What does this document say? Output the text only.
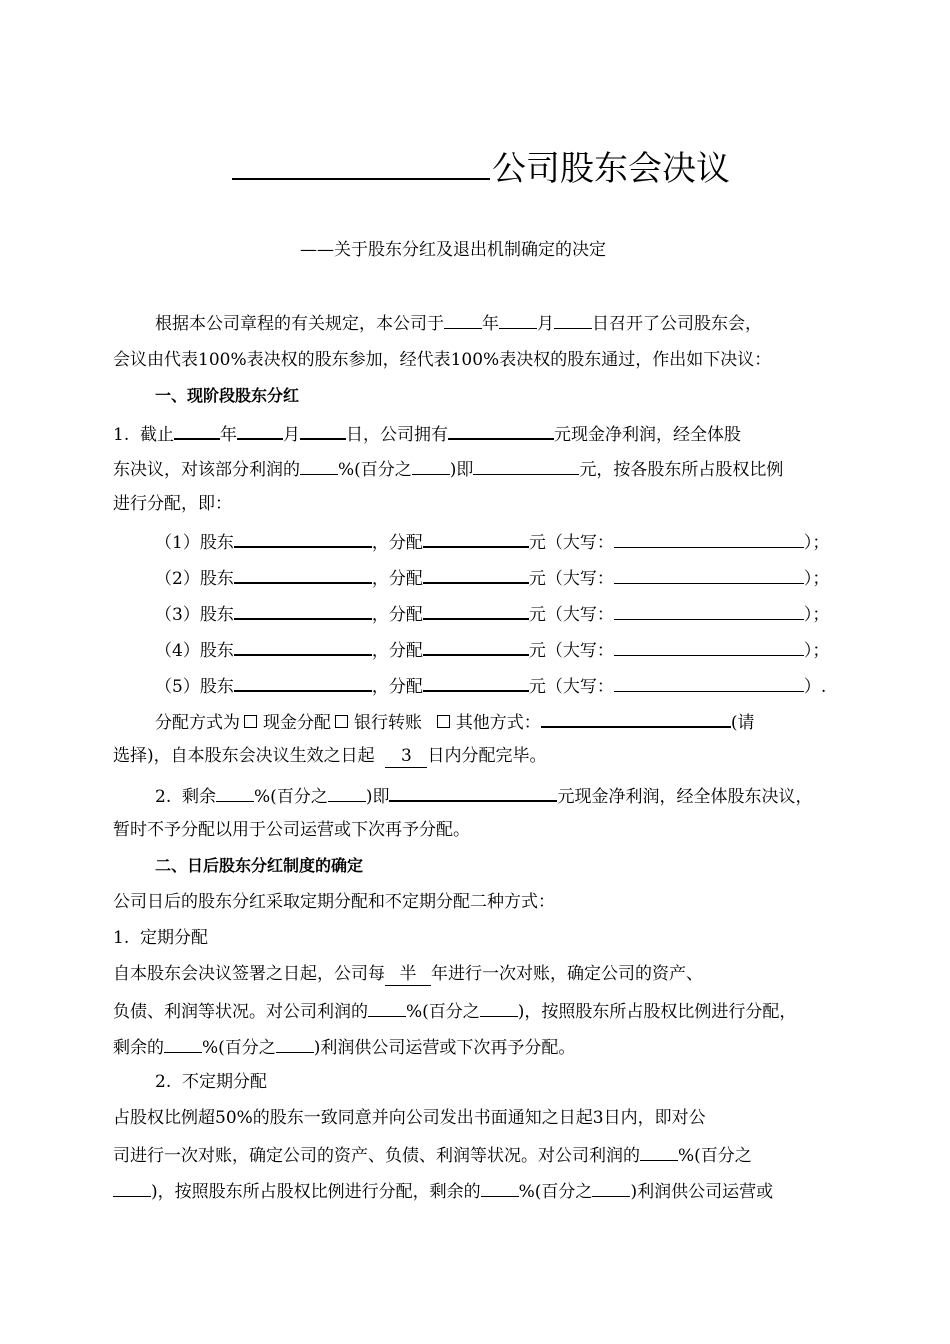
公司股东会决议
——关于股东分红及退出机制确定的决定
根据本公司章程的有关规定，本公司于 年 月 日召开了公司股东会，
会议由代表100%表决权的股东参加，经代表100%表决权的股东通过，作出如下决议：
一、现阶段股东分红
1.  截止	年	月	日，公司拥有	元现金净利润，经全体股
东决议，对该部分利润的 %(百分之 )即	元，按各股东所占股权比例
进行分配，即：
（1）股东	，分配	元（大写：	）；
（2）股东	，分配	元（大写：	）；
（3）股东	，分配	元（大写：	）；
（4）股东	，分配	元（大写：	）；
（5）股东	，分配	元（大写：	）.
分配方式为 现金分配 银行转账 其他方式：	(请
选择)，自本股东会决议生效之日起 3 日内分配完毕。
2.  剩余 %(百分之 )即	元现金净利润，经全体股东决议，
暂时不予分配以用于公司运营或下次再予分配。
二、日后股东分红制度的确定
公司日后的股东分红采取定期分配和不定期分配二种方式：
1.  定期分配
自本股东会决议签署之日起，公司每 半 年进行一次对账，确定公司的资产、
负债、利润等状况。对公司利润的 %(百分之 )，按照股东所占股权比例进行分配，
剩余的 %(百分之 )利润供公司运营或下次再予分配。
2.  不定期分配
占股权比例超50%的股东一致同意并向公司发出书面通知之日起3日内，即对公
司进行一次对账，确定公司的资产、负债、利润等状况。对公司利润的 %(百分之
)，按照股东所占股权比例进行分配，剩余的 %(百分之 )利润供公司运营或
